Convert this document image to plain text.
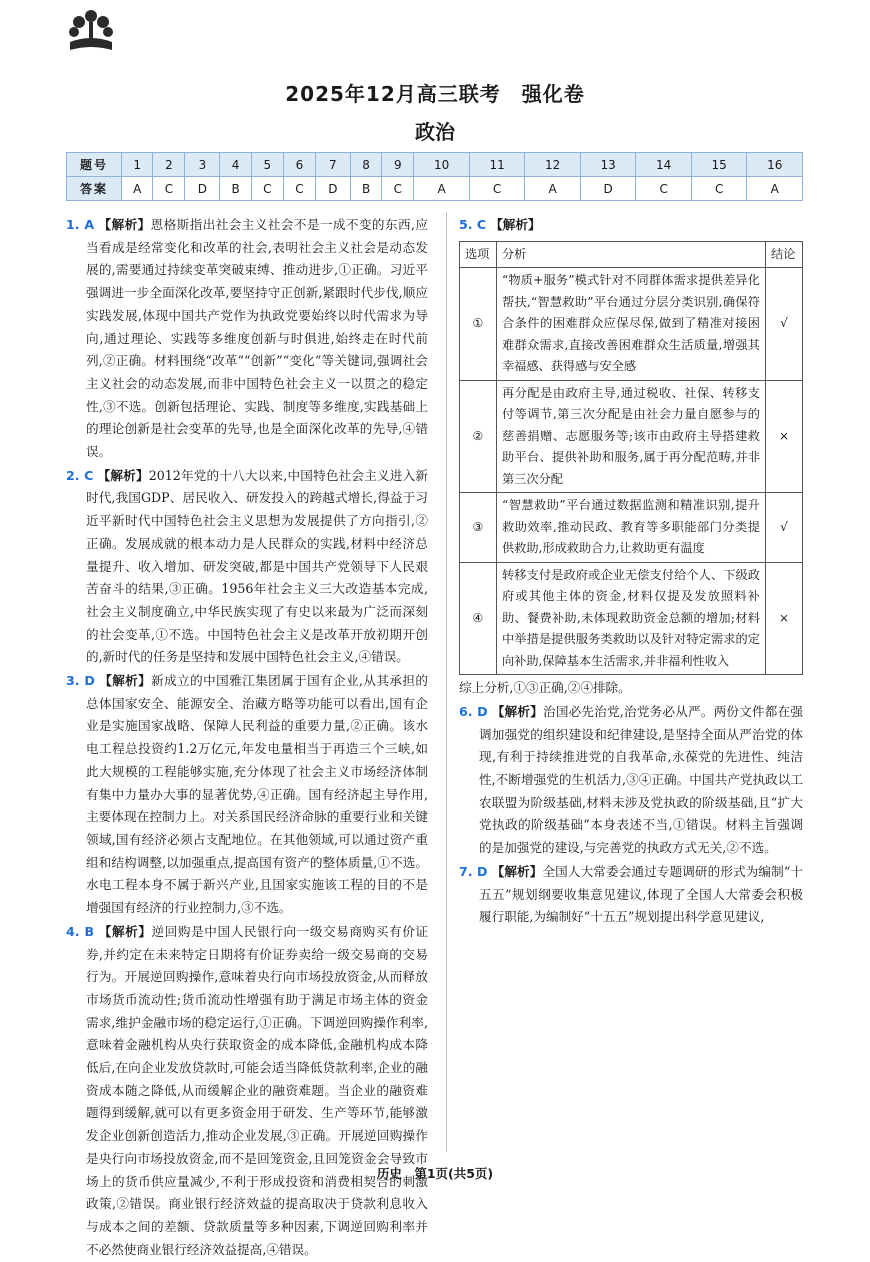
2025年12月高三联考　强化卷
政治
题号	1	2	3	4	5	6	7	8	9	10	11	12	13	14	15	16
答案	A	C	D	B	C	C	D	B	C	A	C	A	D	C	C	A

1. A 【解析】恩格斯指出社会主义社会不是一成不变的东西,应当看成是经常变化和改革的社会,表明社会主义社会是动态发展的,需要通过持续变革突破束缚、推动进步,①正确。习近平强调进一步全面深化改革,要坚持守正创新,紧跟时代步伐,顺应实践发展,体现中国共产党作为执政党要始终以时代需求为导向,通过理论、实践等多维度创新与时俱进,始终走在时代前列,②正确。材料围绕“改革”“创新”“变化”等关键词,强调社会主义社会的动态发展,而非中国特色社会主义一以贯之的稳定性,③不选。创新包括理论、实践、制度等多维度,实践基础上的理论创新是社会变革的先导,也是全面深化改革的先导,④错误。

2. C 【解析】2012年党的十八大以来,中国特色社会主义进入新时代,我国GDP、居民收入、研发投入的跨越式增长,得益于习近平新时代中国特色社会主义思想为发展提供了方向指引,②正确。发展成就的根本动力是人民群众的实践,材料中经济总量提升、收入增加、研发突破,都是中国共产党领导下人民艰苦奋斗的结果,③正确。1956年社会主义三大改造基本完成,社会主义制度确立,中华民族实现了有史以来最为广泛而深刻的社会变革,①不选。中国特色社会主义是改革开放初期开创的,新时代的任务是坚持和发展中国特色社会主义,④错误。

3. D 【解析】新成立的中国雅江集团属于国有企业,从其承担的总体国家安全、能源安全、治藏方略等功能可以看出,国有企业是实施国家战略、保障人民利益的重要力量,②正确。该水电工程总投资约1.2万亿元,年发电量相当于再造三个三峡,如此大规模的工程能够实施,充分体现了社会主义市场经济体制有集中力量办大事的显著优势,④正确。国有经济起主导作用,主要体现在控制力上。对关系国民经济命脉的重要行业和关键领域,国有经济必须占支配地位。在其他领域,可以通过资产重组和结构调整,以加强重点,提高国有资产的整体质量,①不选。水电工程本身不属于新兴产业,且国家实施该工程的目的不是增强国有经济的行业控制力,③不选。

4. B 【解析】逆回购是中国人民银行向一级交易商购买有价证券,并约定在未来特定日期将有价证券卖给一级交易商的交易行为。开展逆回购操作,意味着央行向市场投放资金,从而释放市场货币流动性;货币流动性增强有助于满足市场主体的资金需求,维护金融市场的稳定运行,①正确。下调逆回购操作利率,意味着金融机构从央行获取资金的成本降低,金融机构成本降低后,在向企业发放贷款时,可能会适当降低贷款利率,企业的融资成本随之降低,从而缓解企业的融资难题。当企业的融资难题得到缓解,就可以有更多资金用于研发、生产等环节,能够激发企业创新创造活力,推动企业发展,③正确。开展逆回购操作是央行向市场投放资金,而不是回笼资金,且回笼资金会导致市场上的货币供应量减少,不利于形成投资和消费相契合的刺激政策,②错误。商业银行经济效益的提高取决于贷款利息收入与成本之间的差额、贷款质量等多种因素,下调逆回购利率并不必然使商业银行经济效益提高,④错误。

5. C 【解析】

选项	分析	结论
①	“物质+服务”模式针对不同群体需求提供差异化帮扶,“智慧救助”平台通过分层分类识别,确保符合条件的困难群众应保尽保,做到了精准对接困难群众需求,直接改善困难群众生活质量,增强其幸福感、获得感与安全感	√
②	再分配是由政府主导,通过税收、社保、转移支付等调节,第三次分配是由社会力量自愿参与的慈善捐赠、志愿服务等;该市由政府主导搭建救助平台、提供补助和服务,属于再分配范畴,并非第三次分配	×
③	“智慧救助”平台通过数据监测和精准识别,提升救助效率,推动民政、教育等多职能部门分类提供救助,形成救助合力,让救助更有温度	√
④	转移支付是政府或企业无偿支付给个人、下级政府或其他主体的资金,材料仅提及发放照料补助、餐费补助,未体现救助资金总额的增加;材料中举措是提供服务类救助以及针对特定需求的定向补助,保障基本生活需求,并非福利性收入	×

综上分析,①③正确,②④排除。

6. D 【解析】治国必先治党,治党务必从严。两份文件都在强调加强党的组织建设和纪律建设,是坚持全面从严治党的体现,有利于持续推进党的自我革命,永葆党的先进性、纯洁性,不断增强党的生机活力,③④正确。中国共产党执政以工农联盟为阶级基础,材料未涉及党执政的阶级基础,且“扩大党执政的阶级基础”本身表述不当,①错误。材料主旨强调的是加强党的建设,与完善党的执政方式无关,②不选。

7. D 【解析】全国人大常委会通过专题调研的形式为编制“十五五”规划纲要收集意见建议,体现了全国人大常委会积极履行职能,为编制好“十五五”规划提出科学意见建议,

历史　第1页(共5页)
